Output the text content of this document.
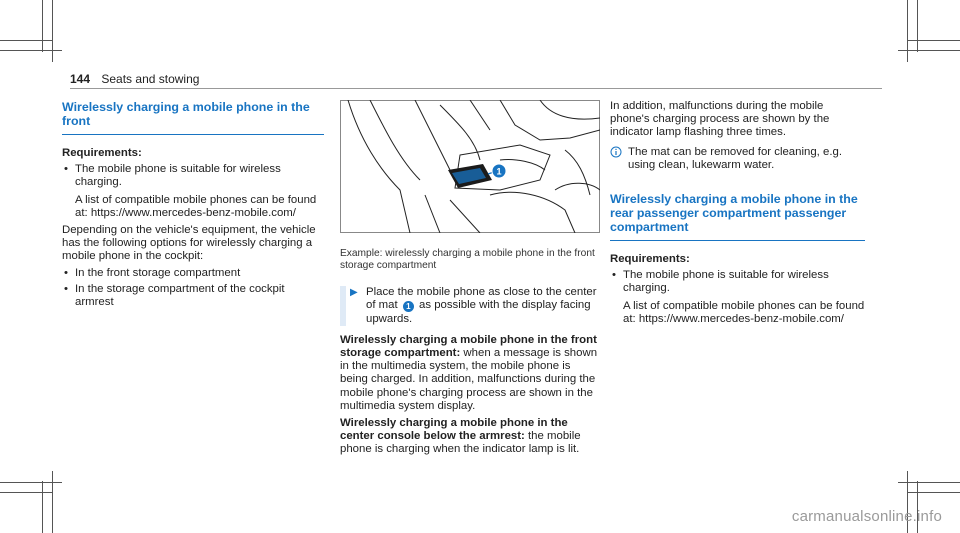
144 Seats and stowing
Wirelessly charging a mobile phone in the front
Requirements:
• The mobile phone is suitable for wireless charging.

A list of compatible mobile phones can be found at: https://www.mercedes-benz-mobile.com/

Depending on the vehicle's equipment, the vehicle has the following options for wirelessly charging a mobile phone in the cockpit:

• In the front storage compartment
• In the storage compartment of the cockpit armrest
1

Example: wirelessly charging a mobile phone in the front storage compartment

▶ Place the mobile phone as close to the center of mat 1 as possible with the display facing upwards.

Wirelessly charging a mobile phone in the front storage compartment: when a message is shown in the multimedia system, the mobile phone is being charged. In addition, malfunctions during the mobile phone's charging process are shown in the multimedia system display.

Wirelessly charging a mobile phone in the center console below the armrest: the mobile phone is charging when the indicator lamp is lit.

In addition, malfunctions during the mobile phone's charging process are shown by the indicator lamp flashing three times.

The mat can be removed for cleaning, e.g. using clean, lukewarm water.
Wirelessly charging a mobile phone in the rear passenger compartment passenger compartment
Requirements:
• The mobile phone is suitable for wireless charging.

A list of compatible mobile phones can be found at: https://www.mercedes-benz-mobile.com/

carmanualsonline.info
